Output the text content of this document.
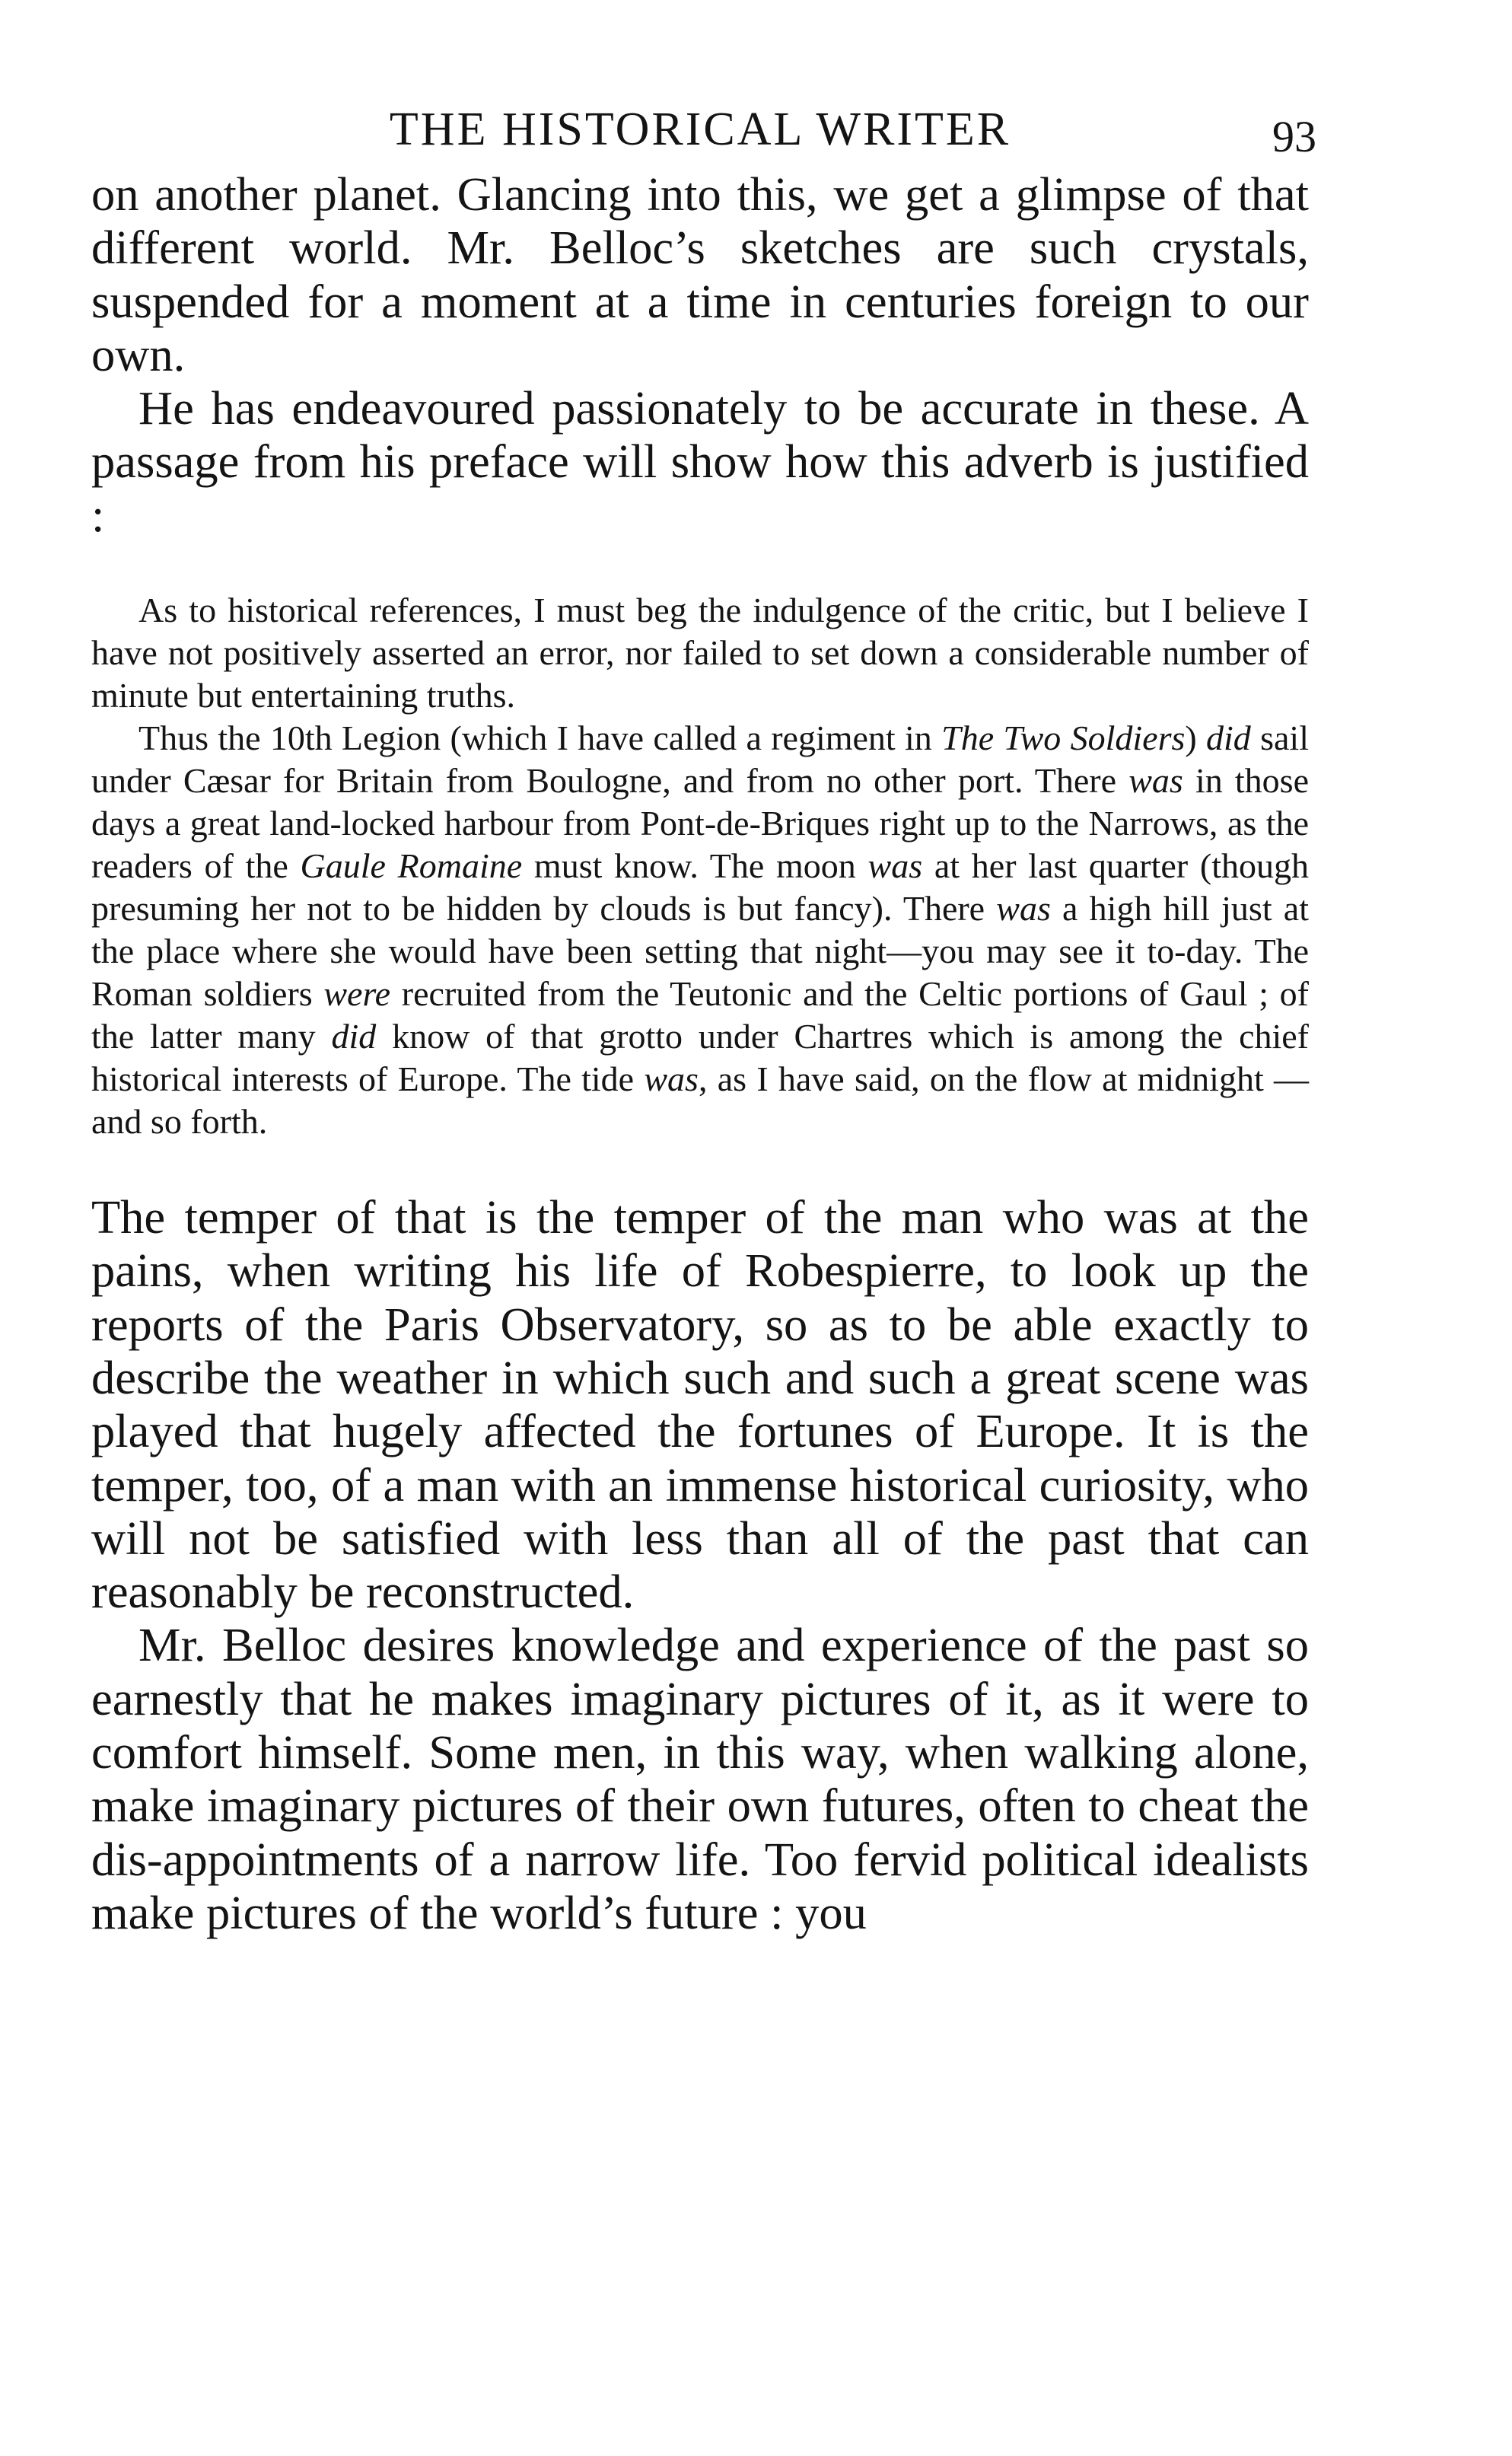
THE HISTORICAL WRITER	93

on another planet. Glancing into this, we get a glimpse of that different world. Mr. Belloc’s sketches are such crystals, suspended for a moment at a time in centuries foreign to our own.

He has endeavoured passionately to be accurate in these. A passage from his preface will show how this adverb is justified :

As to historical references, I must beg the indulgence of the critic, but I believe I have not positively asserted an error, nor failed to set down a considerable number of minute but entertaining truths.

Thus the 10th Legion (which I have called a regiment in The Two Soldiers) did sail under Cæsar for Britain from Boulogne, and from no other port. There was in those days a great land-locked harbour from Pont-de-Briques right up to the Narrows, as the readers of the Gaule Romaine must know. The moon was at her last quarter (though presuming her not to be hidden by clouds is but fancy). There was a high hill just at the place where she would have been setting that night—you may see it to-day. The Roman soldiers were recruited from the Teutonic and the Celtic portions of Gaul ; of the latter many did know of that grotto under Chartres which is among the chief historical interests of Europe. The tide was, as I have said, on the flow at midnight —and so forth.

The temper of that is the temper of the man who was at the pains, when writing his life of Robespierre, to look up the reports of the Paris Observatory, so as to be able exactly to describe the weather in which such and such a great scene was played that hugely affected the fortunes of Europe. It is the temper, too, of a man with an immense historical curiosity, who will not be satisfied with less than all of the past that can reasonably be reconstructed.

Mr. Belloc desires knowledge and experience of the past so earnestly that he makes imaginary pictures of it, as it were to comfort himself. Some men, in this way, when walking alone, make imaginary pictures of their own futures, often to cheat the dis-appointments of a narrow life. Too fervid political idealists make pictures of the world’s future : you
